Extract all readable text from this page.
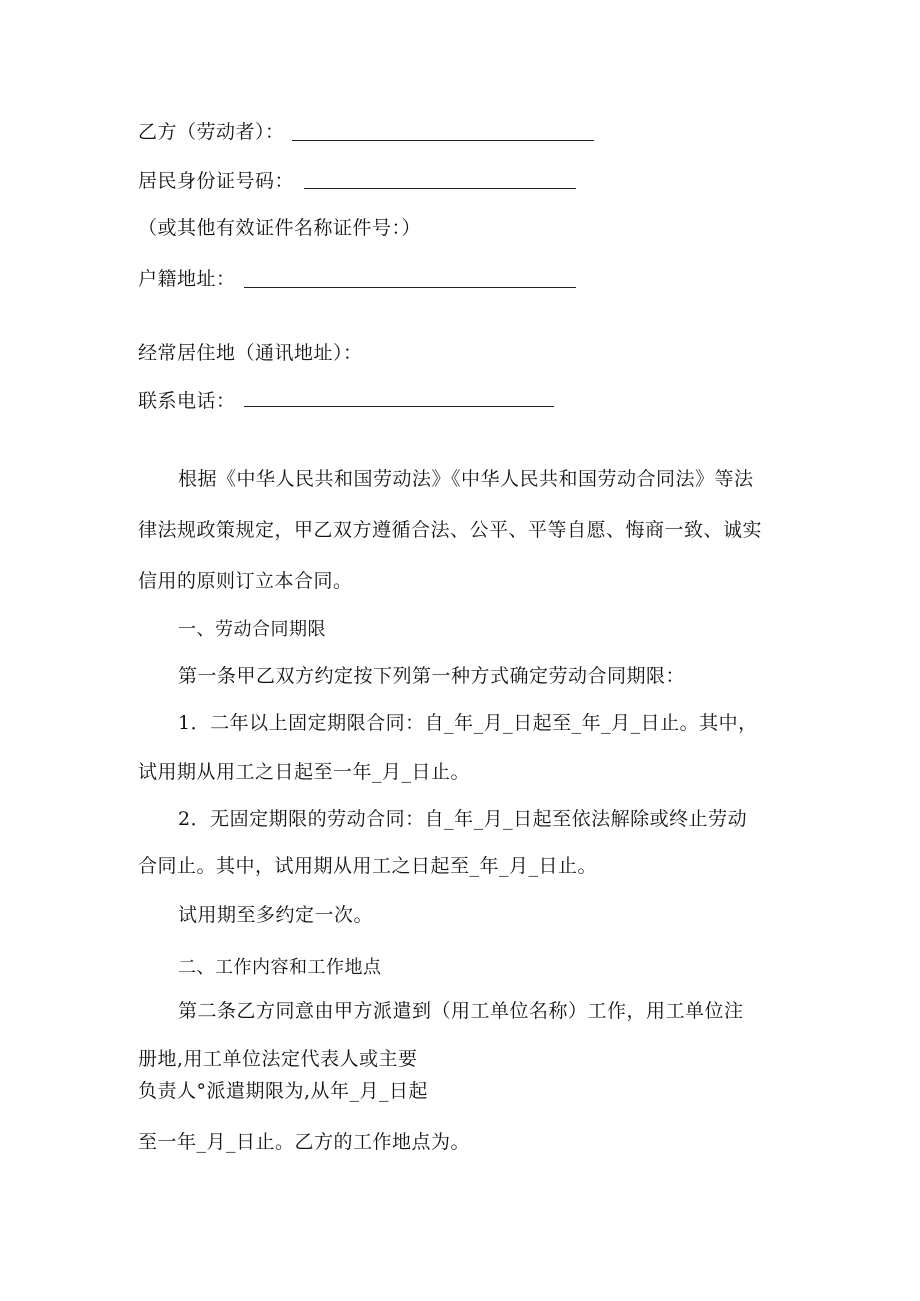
乙方（劳动者）：
居民身份证号码：
（或其他有效证件名称证件号：）
户籍地址：
经常居住地（通讯地址）：
联系电话：
根据《中华人民共和国劳动法》《中华人民共和国劳动合同法》等法
律法规政策规定，甲乙双方遵循合法、公平、平等自愿、悔商一致、诚实
信用的原则订立本合同。
一、劳动合同期限
第一条甲乙双方约定按下列第一种方式确定劳动合同期限：
1．二年以上固定期限合同：自_年_月_日起至_年_月_日止。其中，
试用期从用工之日起至一年_月_日止。
2．无固定期限的劳动合同：自_年_月_日起至依法解除或终止劳动
合同止。其中，试用期从用工之日起至_年_月_日止。
试用期至多约定一次。
二、工作内容和工作地点
第二条乙方同意由甲方派遣到（用工单位名称）工作，用工单位注
册地,用工单位法定代表人或主要
负责人°派遣期限为,从年_月_日起
至一年_月_日止。乙方的工作地点为。
